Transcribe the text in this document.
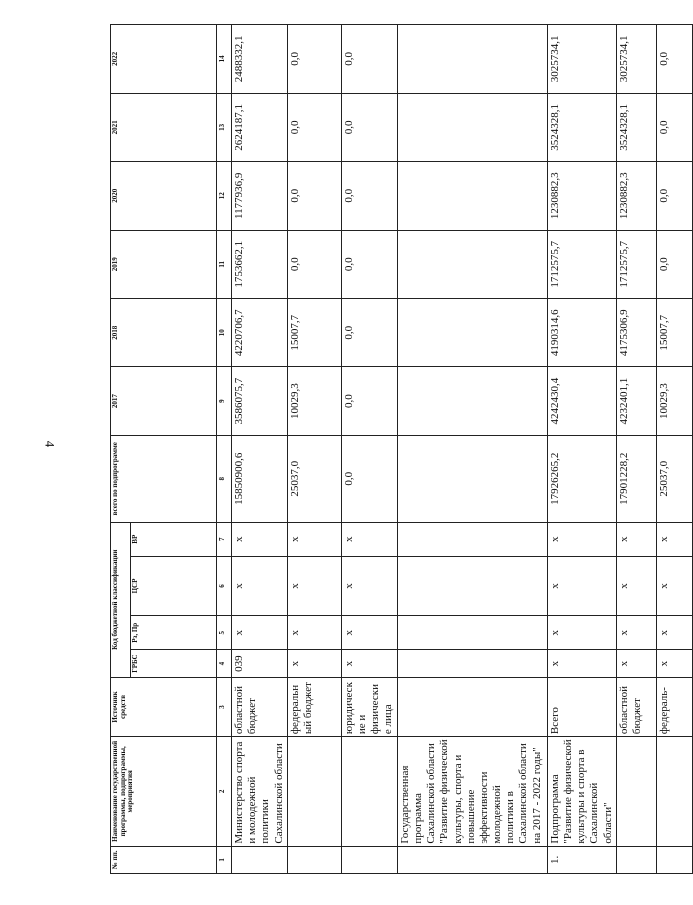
4
№ пп.	Наименование государственной программы, подпрограммы, мероприятия	Источник средств	Код бюджетной классификации				всего по подпрограмме	2017	2018	2019	2020	2021	2022
			ГРБС	Рз, Пр	ЦСР	ВР							
1	2	3	4	5	6	7	8	9	10	11	12	13	14
	Министерство спорта и молодежной политики Сахалинской области	областной бюджет	039	х	х	х	15850900,6	3586075,7	4220706,7	1753662,1	1177936,9	2624187,1	2488332,1
		федеральный бюджет	х	х	х	х	25037,0	10029,3	15007,7	0,0	0,0	0,0	0,0
		юридические и физические лица	х	х	х	х	0,0	0,0	0,0	0,0	0,0	0,0	0,0
	Государственная программа Сахалинской области "Развитие физической культуры, спорта и повышение эффективности молодежной политики в Сахалинской области на 2017 - 2022 годы"												
1.	Подпрограмма "Развитие физической культуры и спорта в Сахалинской области"	Всего	х	х	х	х	17926265,2	4242430,4	4190314,6	1712575,7	1230882,3	3524328,1	3025734,1
		областной бюджет	х	х	х	х	17901228,2	4232401,1	4175306,9	1712575,7	1230882,3	3524328,1	3025734,1
		федераль-	х	х	х	х	25037,0	10029,3	15007,7	0,0	0,0	0,0	0,0
